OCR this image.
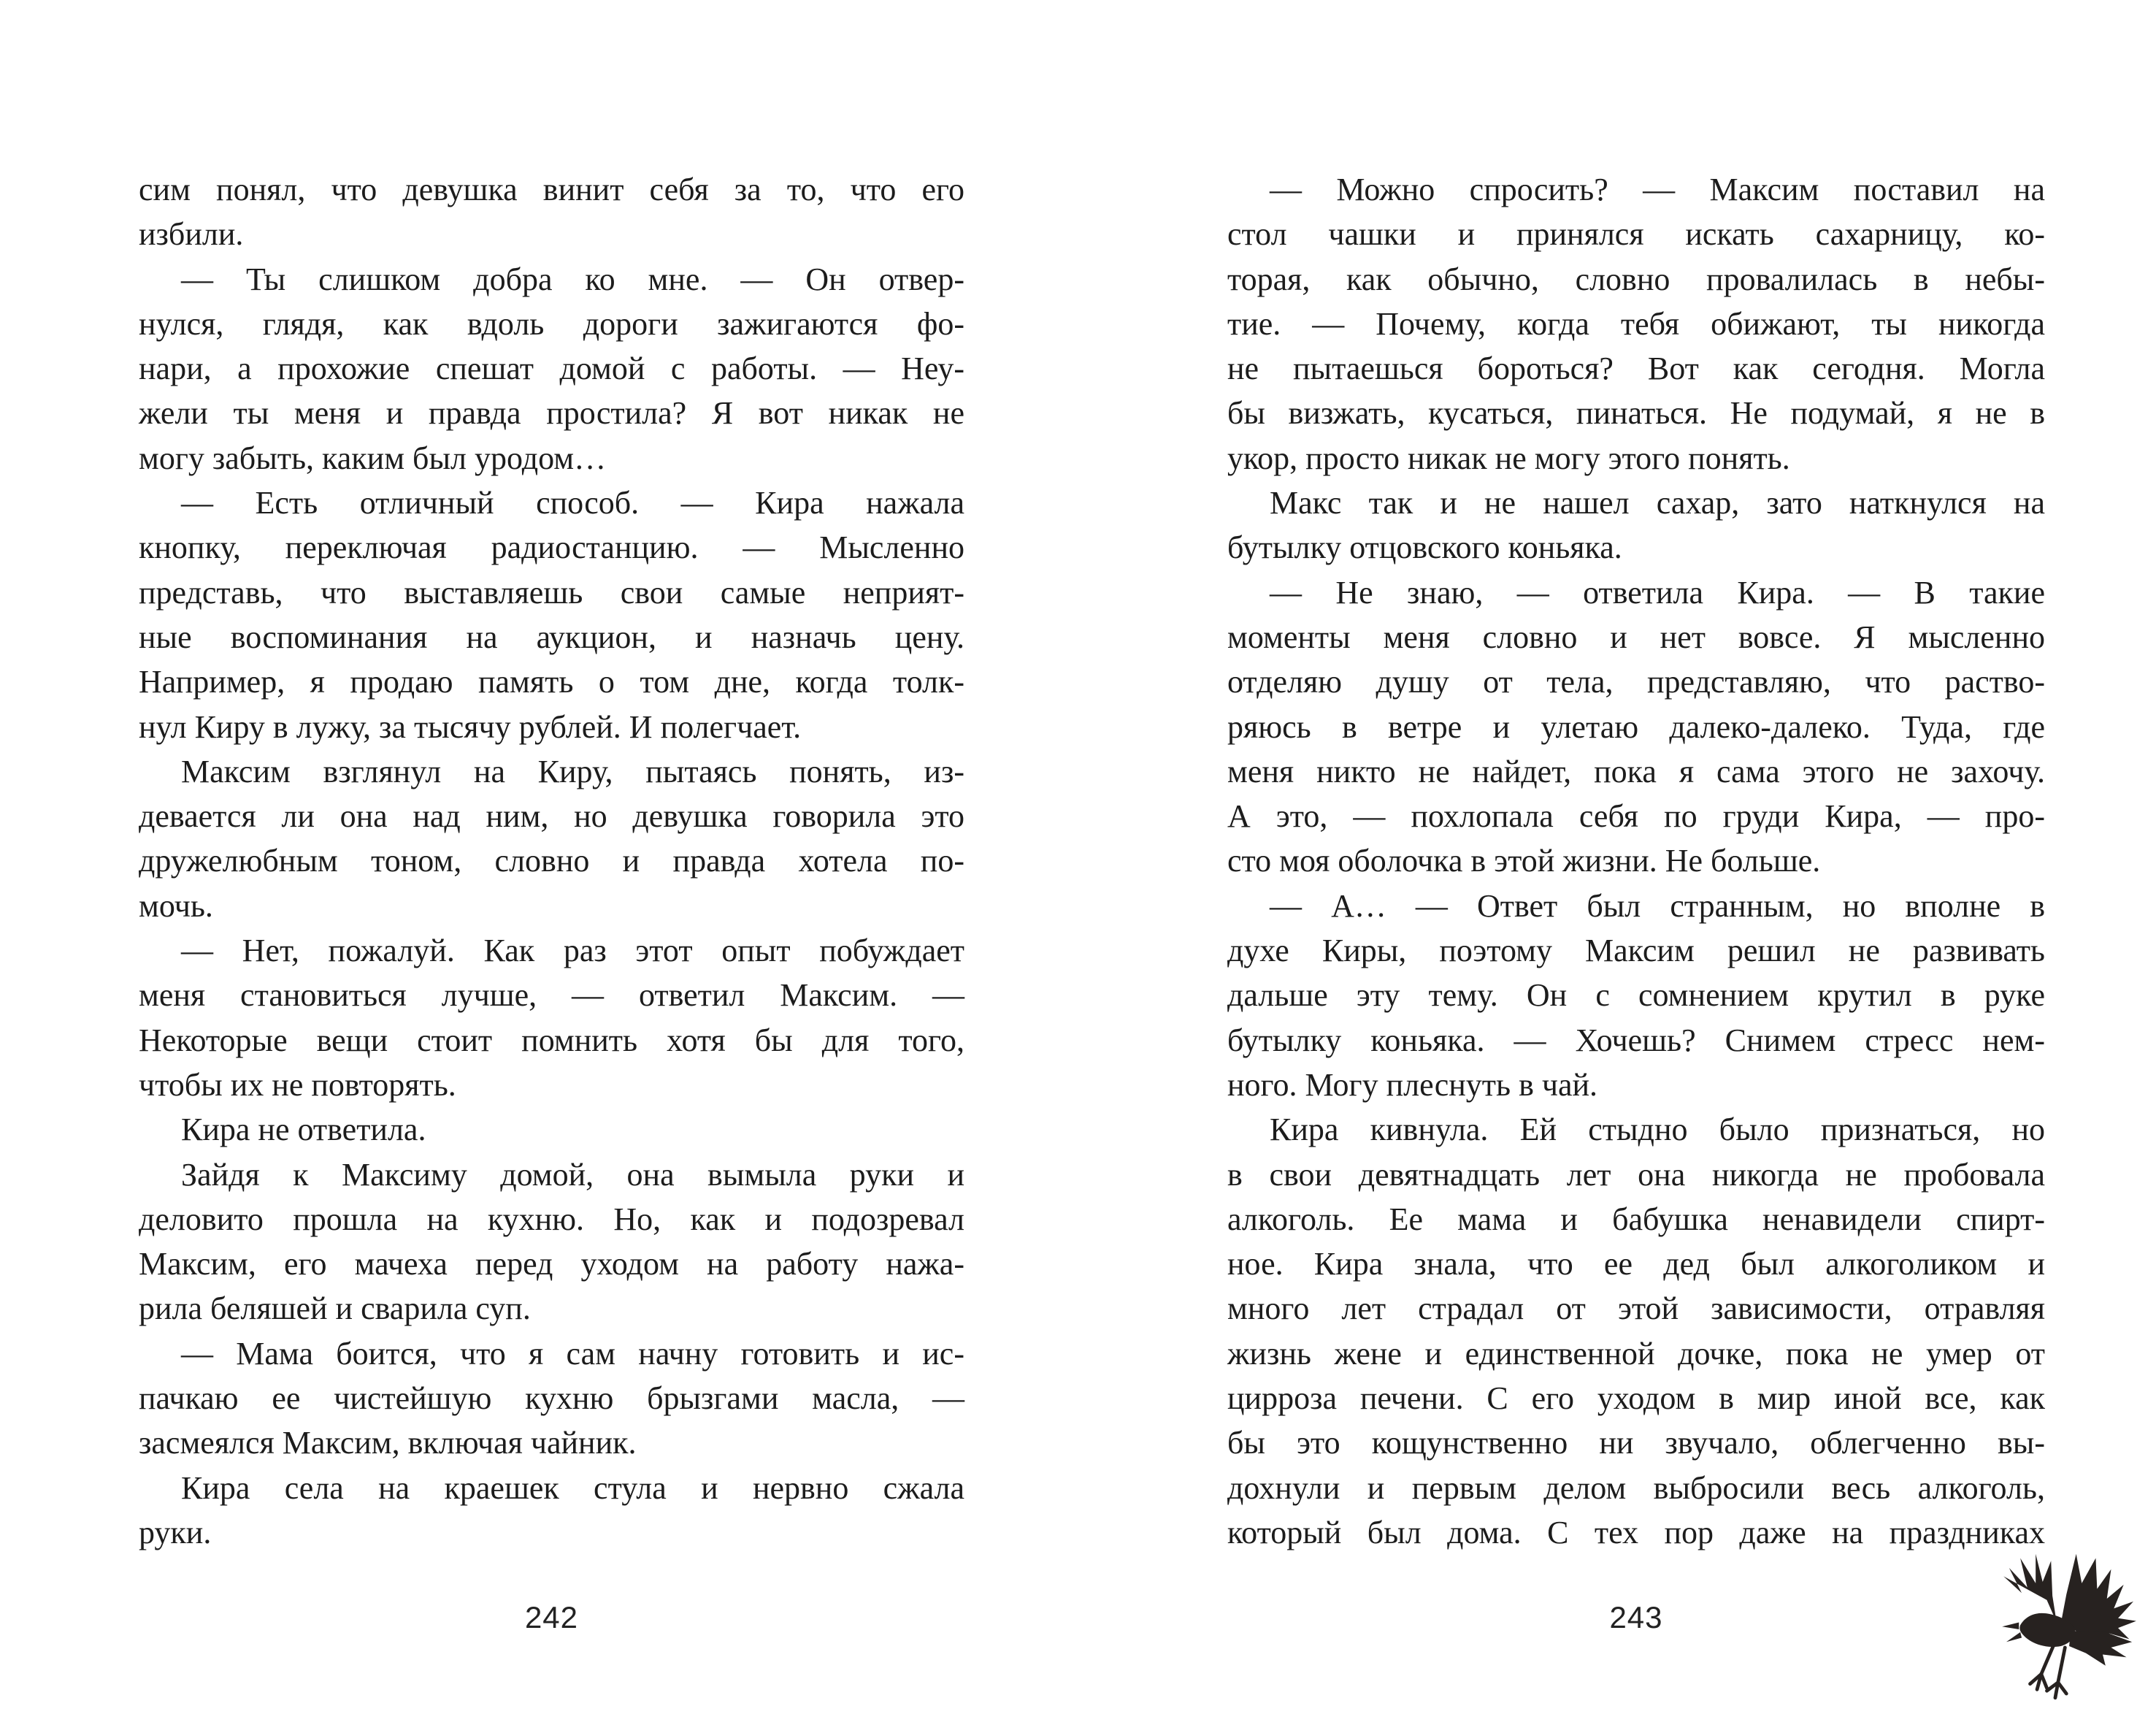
сим понял, что девушка винит себя за то, что его
избили.
— Ты слишком добра ко мне. — Он отвер-
нулся, глядя, как вдоль дороги зажигаются фо-
нари, а прохожие спешат домой с работы. — Неу-
жели ты меня и правда простила? Я вот никак не
могу забыть, каким был уродом…
— Есть отличный способ. — Кира нажала
кнопку, переключая радиостанцию. — Мысленно
представь, что выставляешь свои самые неприят-
ные воспоминания на аукцион, и назначь цену.
Например, я продаю память о том дне, когда толк-
нул Киру в лужу, за тысячу рублей. И полегчает.
Максим взглянул на Киру, пытаясь понять, из-
девается ли она над ним, но девушка говорила это
дружелюбным тоном, словно и правда хотела по-
мочь.
— Нет, пожалуй. Как раз этот опыт побуждает
меня становиться лучше, — ответил Максим. —
Некоторые вещи стоит помнить хотя бы для того,
чтобы их не повторять.
Кира не ответила.
Зайдя к Максиму домой, она вымыла руки и
деловито прошла на кухню. Но, как и подозревал
Максим, его мачеха перед уходом на работу нажа-
рила беляшей и сварила суп.
— Мама боится, что я сам начну готовить и ис-
пачкаю ее чистейшую кухню брызгами масла, —
засмеялся Максим, включая чайник.
Кира села на краешек стула и нервно сжала
руки.
242
— Можно спросить? — Максим поставил на
стол чашки и принялся искать сахарницу, ко-
торая, как обычно, словно провалилась в небы-
тие. — Почему, когда тебя обижают, ты никогда
не пытаешься бороться? Вот как сегодня. Могла
бы визжать, кусаться, пинаться. Не подумай, я не в
укор, просто никак не могу этого понять.
Макс так и не нашел сахар, зато наткнулся на
бутылку отцовского коньяка.
— Не знаю, — ответила Кира. — В такие
моменты меня словно и нет вовсе. Я мысленно
отделяю душу от тела, представляю, что раство-
ряюсь в ветре и улетаю далеко-далеко. Туда, где
меня никто не найдет, пока я сама этого не захочу.
А это, — похлопала себя по груди Кира, — про-
сто моя оболочка в этой жизни. Не больше.
— А… — Ответ был странным, но вполне в
духе Киры, поэтому Максим решил не развивать
дальше эту тему. Он с сомнением крутил в руке
бутылку коньяка. — Хочешь? Снимем стресс нем-
ного. Могу плеснуть в чай.
Кира кивнула. Ей стыдно было признаться, но
в свои девятнадцать лет она никогда не пробовала
алкоголь. Ее мама и бабушка ненавидели спирт-
ное. Кира знала, что ее дед был алкоголиком и
много лет страдал от этой зависимости, отравляя
жизнь жене и единственной дочке, пока не умер от
цирроза печени. С его уходом в мир иной все, как
бы это кощунственно ни звучало, облегченно вы-
дохнули и первым делом выбросили весь алкоголь,
который был дома. С тех пор даже на праздниках
243
